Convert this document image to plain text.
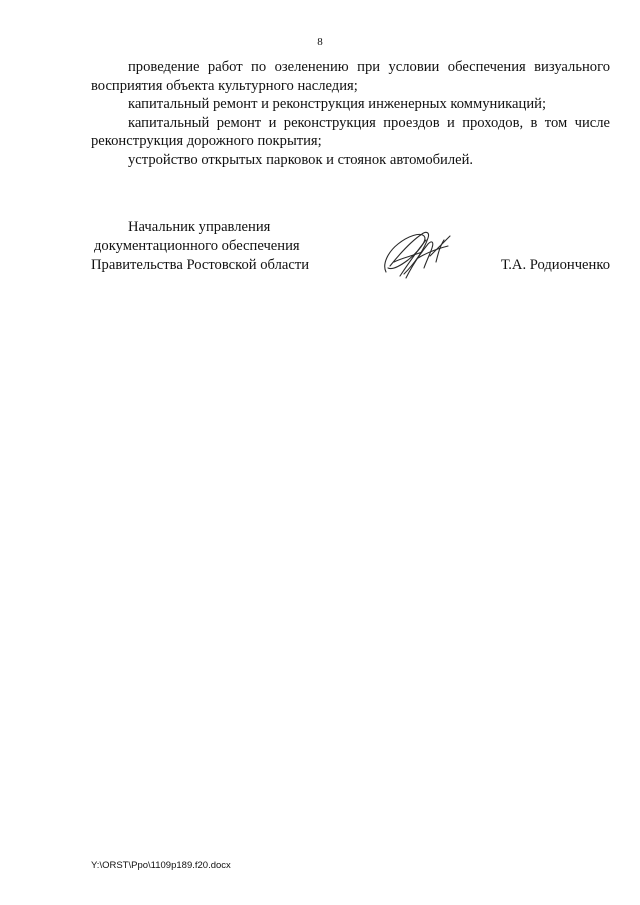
8

проведение работ по озеленению при условии обеспечения визуального восприятия объекта культурного наследия;

капитальный ремонт и реконструкция инженерных коммуникаций;

капитальный ремонт и реконструкция проездов и проходов, в том числе реконструкция дорожного покрытия;

устройство открытых парковок и стоянок автомобилей.

Начальник управления
документационного обеспечения
Правительства Ростовской области	Т.А. Родионченко
Y:\ORST\Ppo\1109p189.f20.docx
